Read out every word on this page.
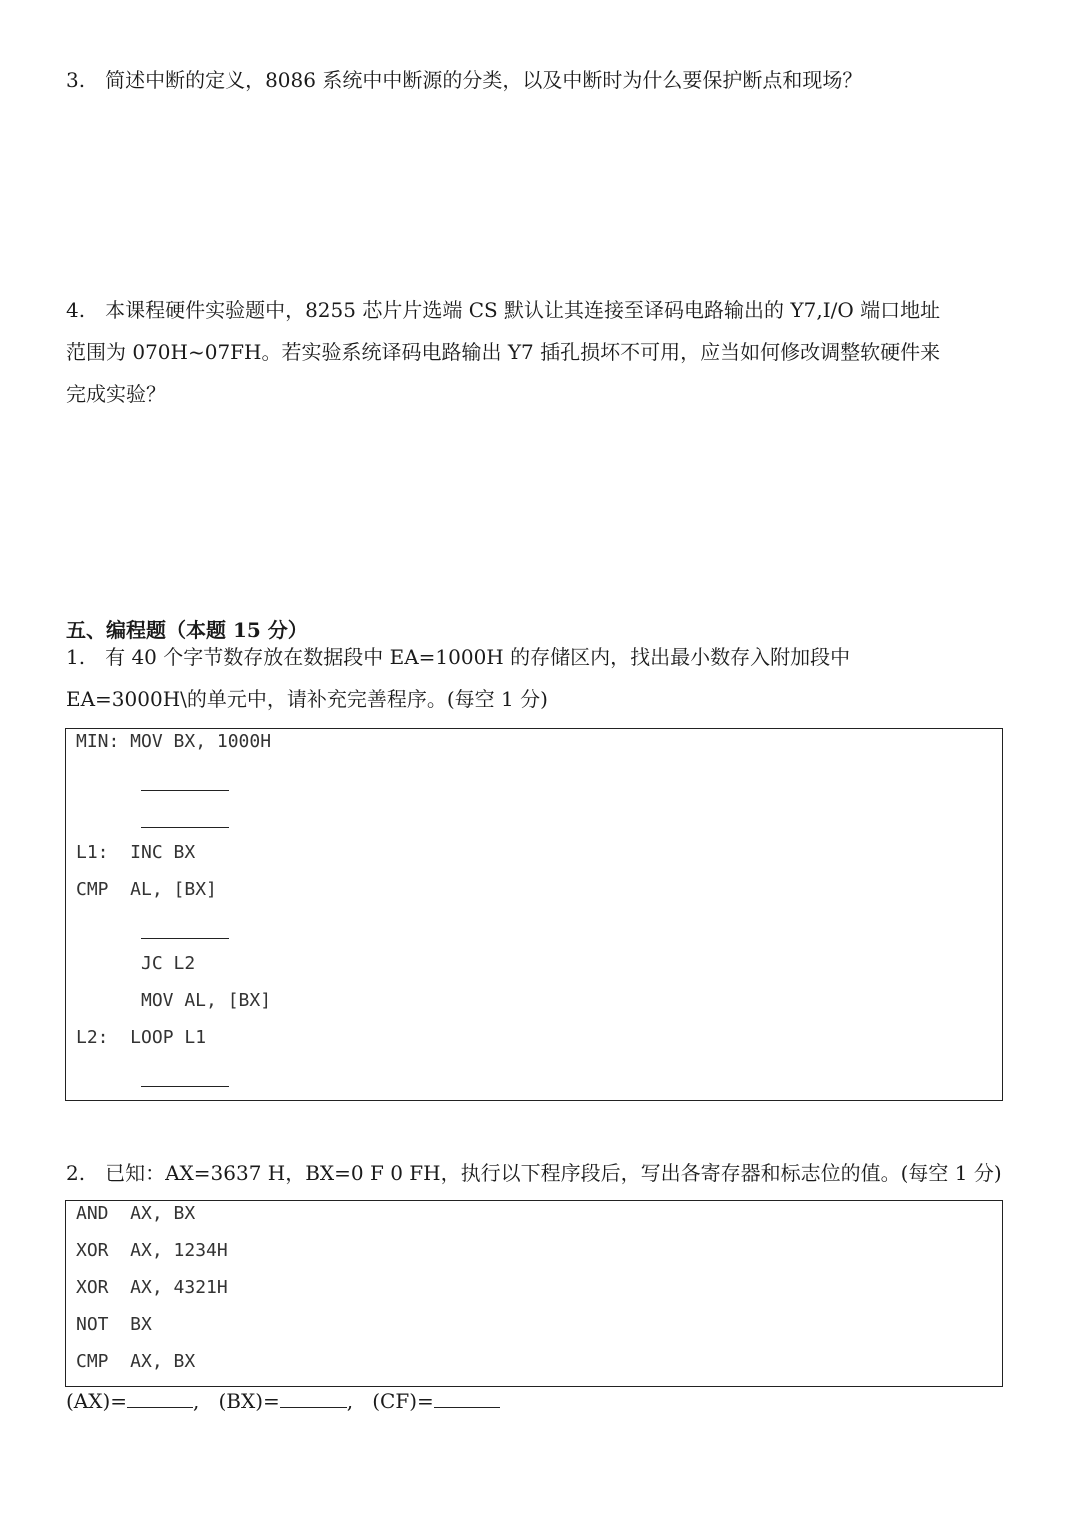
3.　简述中断的定义，8086 系统中中断源的分类，以及中断时为什么要保护断点和现场？
4.　本课程硬件实验题中，8255 芯片片选端 CS 默认让其连接至译码电路输出的 Y7,I/O 端口地址
范围为 070H~07FH。若实验系统译码电路输出 Y7 插孔损坏不可用，应当如何修改调整软硬件来
完成实验？
五、编程题（本题 15 分）
1.　有 40 个字节数存放在数据段中 EA=1000H 的存储区内，找出最小数存入附加段中
EA=3000H\的单元中，请补充完善程序。(每空 1 分)
MIN: MOV BX, 1000H
L1:  INC BX
CMP  AL, [BX]
JC L2
MOV AL, [BX]
L2:  LOOP L1
2.　已知：AX=3637 H，BX=0 F 0 FH，执行以下程序段后，写出各寄存器和标志位的值。(每空 1 分)
AND  AX, BX
XOR  AX, 1234H
XOR  AX, 4321H
NOT  BX
CMP  AX, BX
(AX)=	,   (BX)=	,   (CF)=
